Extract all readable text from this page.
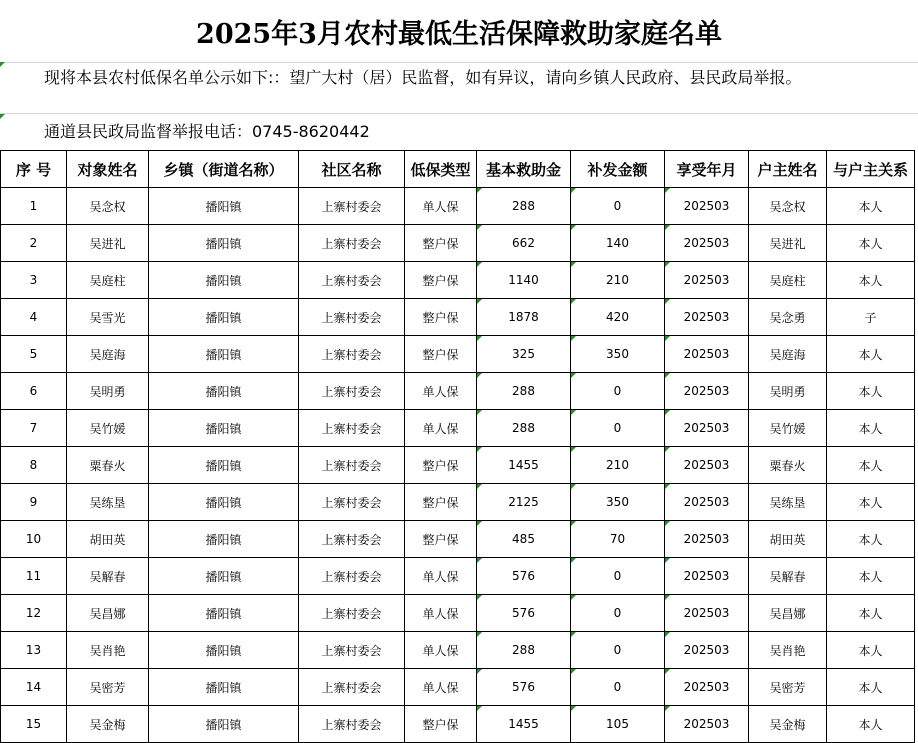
2025年3月农村最低生活保障救助家庭名单
现将本县农村低保名单公示如下:：望广大村（居）民监督，如有异议，请向乡镇人民政府、县民政局举报。
通道县民政局监督举报电话：0745-8620442
序 号	对象姓名	乡镇（街道名称）	社区名称	低保类型	基本救助金	补发金额	享受年月	户主姓名	与户主关系
1	吴念权	播阳镇	上寨村委会	单人保	288	0	202503	吴念权	本人
2	吴进礼	播阳镇	上寨村委会	整户保	662	140	202503	吴进礼	本人
3	吴庭柱	播阳镇	上寨村委会	整户保	1140	210	202503	吴庭柱	本人
4	吴雪光	播阳镇	上寨村委会	整户保	1878	420	202503	吴念勇	子
5	吴庭海	播阳镇	上寨村委会	整户保	325	350	202503	吴庭海	本人
6	吴明勇	播阳镇	上寨村委会	单人保	288	0	202503	吴明勇	本人
7	吴竹媛	播阳镇	上寨村委会	单人保	288	0	202503	吴竹媛	本人
8	粟春火	播阳镇	上寨村委会	整户保	1455	210	202503	粟春火	本人
9	吴练垦	播阳镇	上寨村委会	整户保	2125	350	202503	吴练垦	本人
10	胡田英	播阳镇	上寨村委会	整户保	485	70	202503	胡田英	本人
11	吴解春	播阳镇	上寨村委会	单人保	576	0	202503	吴解春	本人
12	吴昌娜	播阳镇	上寨村委会	单人保	576	0	202503	吴昌娜	本人
13	吴肖艳	播阳镇	上寨村委会	单人保	288	0	202503	吴肖艳	本人
14	吴密芳	播阳镇	上寨村委会	单人保	576	0	202503	吴密芳	本人
15	吴金梅	播阳镇	上寨村委会	整户保	1455	105	202503	吴金梅	本人
